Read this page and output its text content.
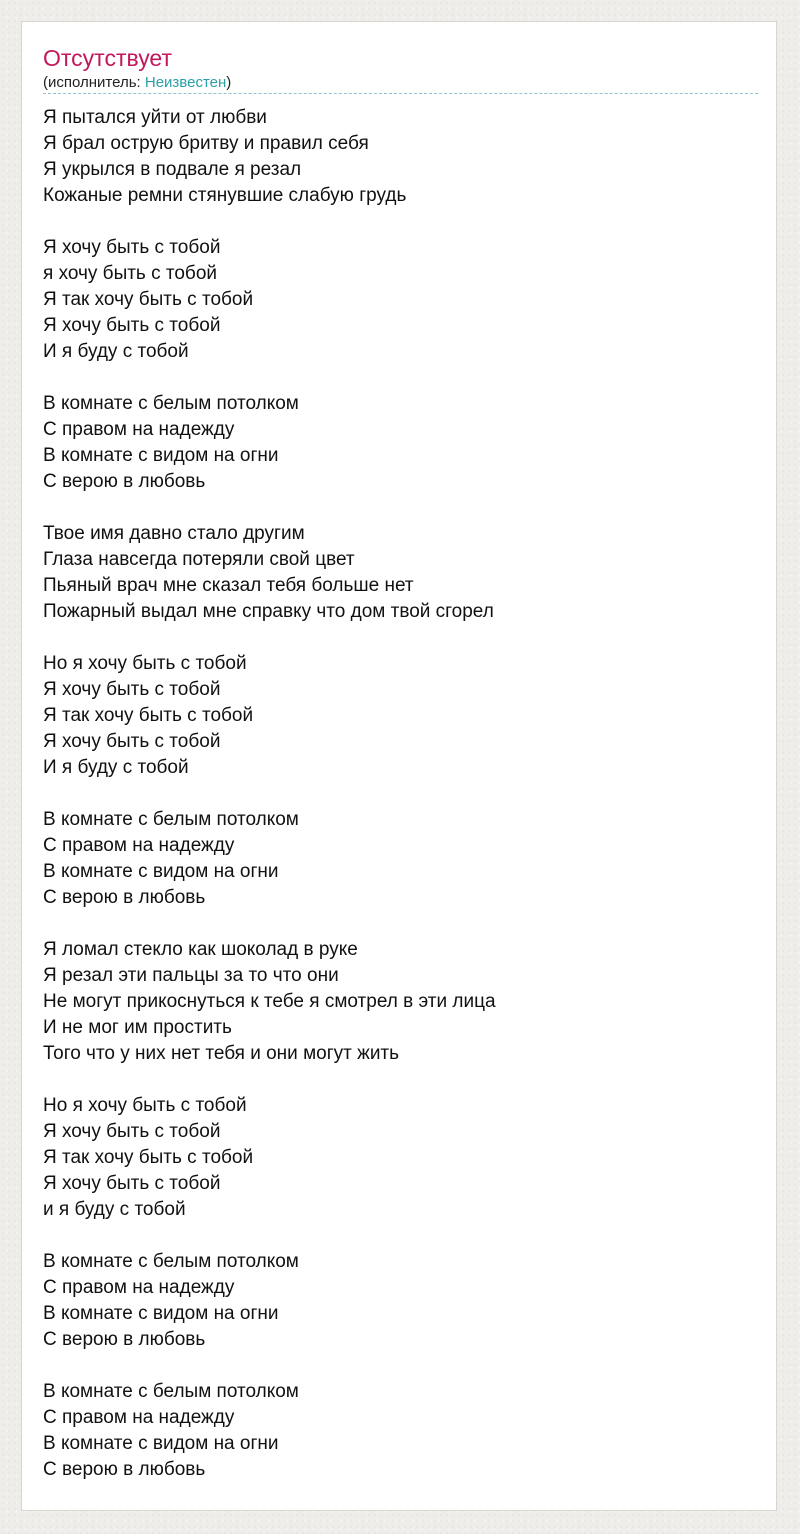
Отсутствует
(исполнитель: Неизвестен)
Я пытался уйти от любви
Я брал острую бритву и правил себя
Я укрылся в подвале я резал
Кожаные ремни стянувшие слабую грудь
Я хочу быть с тобой
я хочу быть с тобой
Я так хочу быть с тобой
Я хочу быть с тобой
И я буду с тобой
В комнате с белым потолком
С правом на надежду
В комнате с видом на огни
С верою в любовь
Твое имя давно стало другим
Глаза навсегда потеряли свой цвет
Пьяный врач мне сказал тебя больше нет
Пожарный выдал мне справку что дом твой сгорел
Но я хочу быть с тобой
Я хочу быть с тобой
Я так хочу быть с тобой
Я хочу быть с тобой
И я буду с тобой
В комнате с белым потолком
С правом на надежду
В комнате с видом на огни
С верою в любовь
Я ломал стекло как шоколад в руке
Я резал эти пальцы за то что они
Не могут прикоснуться к тебе я смотрел в эти лица
И не мог им простить
Того что у них нет тебя и они могут жить
Но я хочу быть с тобой
Я хочу быть с тобой
Я так хочу быть с тобой
Я хочу быть с тобой
и я буду с тобой
В комнате с белым потолком
С правом на надежду
В комнате с видом на огни
С верою в любовь
В комнате с белым потолком
С правом на надежду
В комнате с видом на огни
С верою в любовь
